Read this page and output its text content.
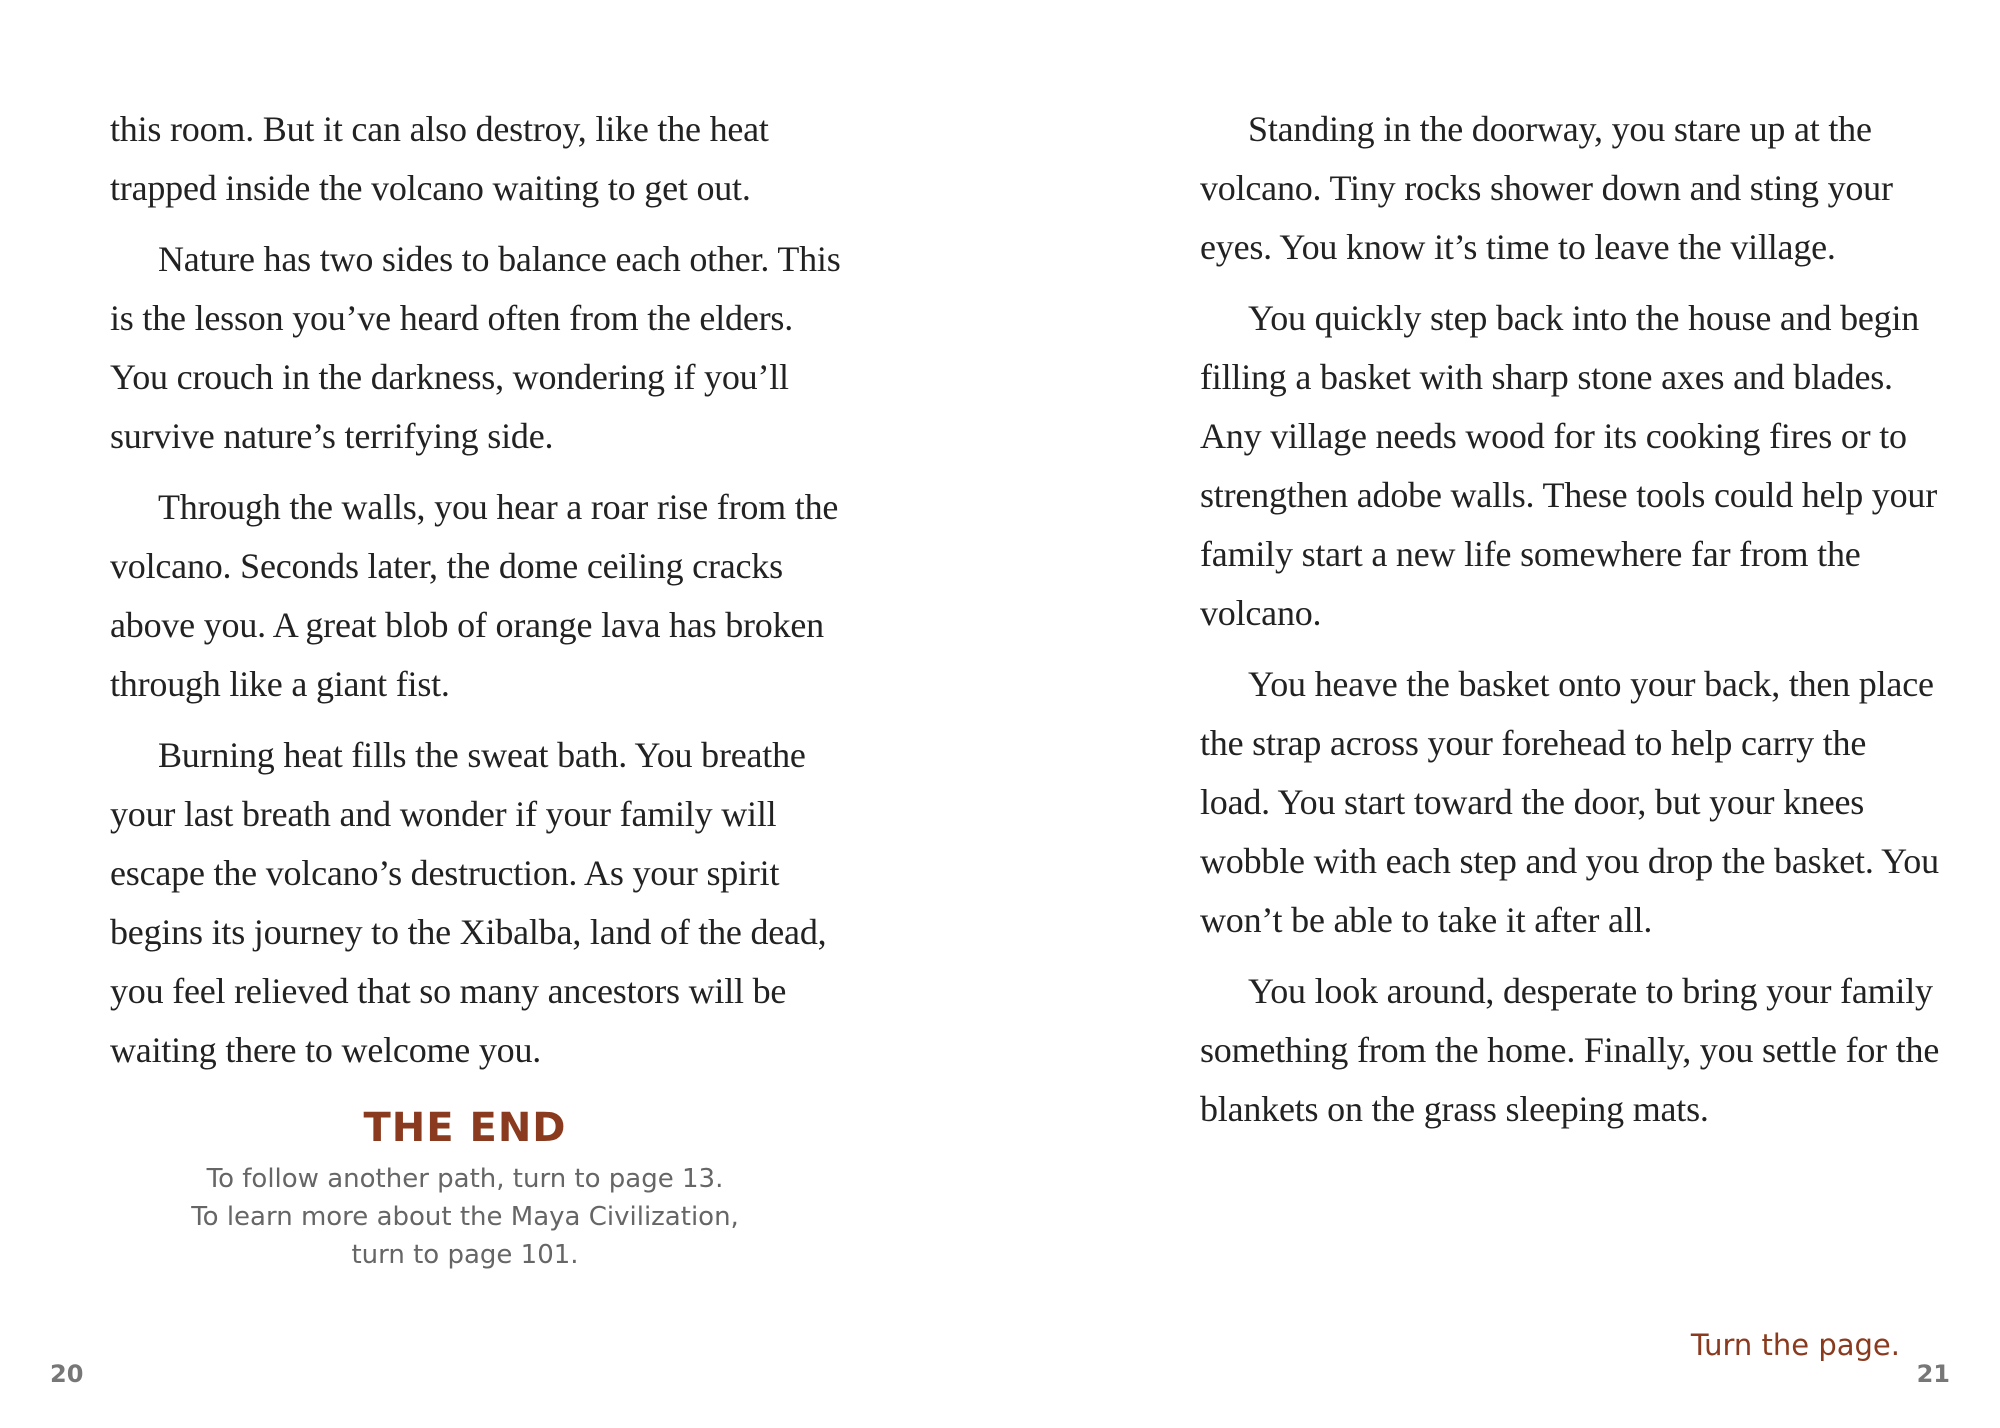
this room. But it can also destroy, like the heat trapped inside the volcano waiting to get out.

Nature has two sides to balance each other. This is the lesson you’ve heard often from the elders. You crouch in the darkness, wondering if you’ll survive nature’s terrifying side.

Through the walls, you hear a roar rise from the volcano. Seconds later, the dome ceiling cracks above you. A great blob of orange lava has broken through like a giant fist.

Burning heat fills the sweat bath. You breathe your last breath and wonder if your family will escape the volcano’s destruction. As your spirit begins its journey to the Xibalba, land of the dead, you feel relieved that so many ancestors will be waiting there to welcome you.

THE END
To follow another path, turn to page 13.
To learn more about the Maya Civilization,
turn to page 101.
20

Standing in the doorway, you stare up at the volcano. Tiny rocks shower down and sting your eyes. You know it’s time to leave the village.

You quickly step back into the house and begin filling a basket with sharp stone axes and blades. Any village needs wood for its cooking fires or to strengthen adobe walls. These tools could help your family start a new life somewhere far from the volcano.

You heave the basket onto your back, then place the strap across your forehead to help carry the load. You start toward the door, but your knees wobble with each step and you drop the basket. You won’t be able to take it after all.

You look around, desperate to bring your family something from the home. Finally, you settle for the blankets on the grass sleeping mats.

Turn the page.
21
